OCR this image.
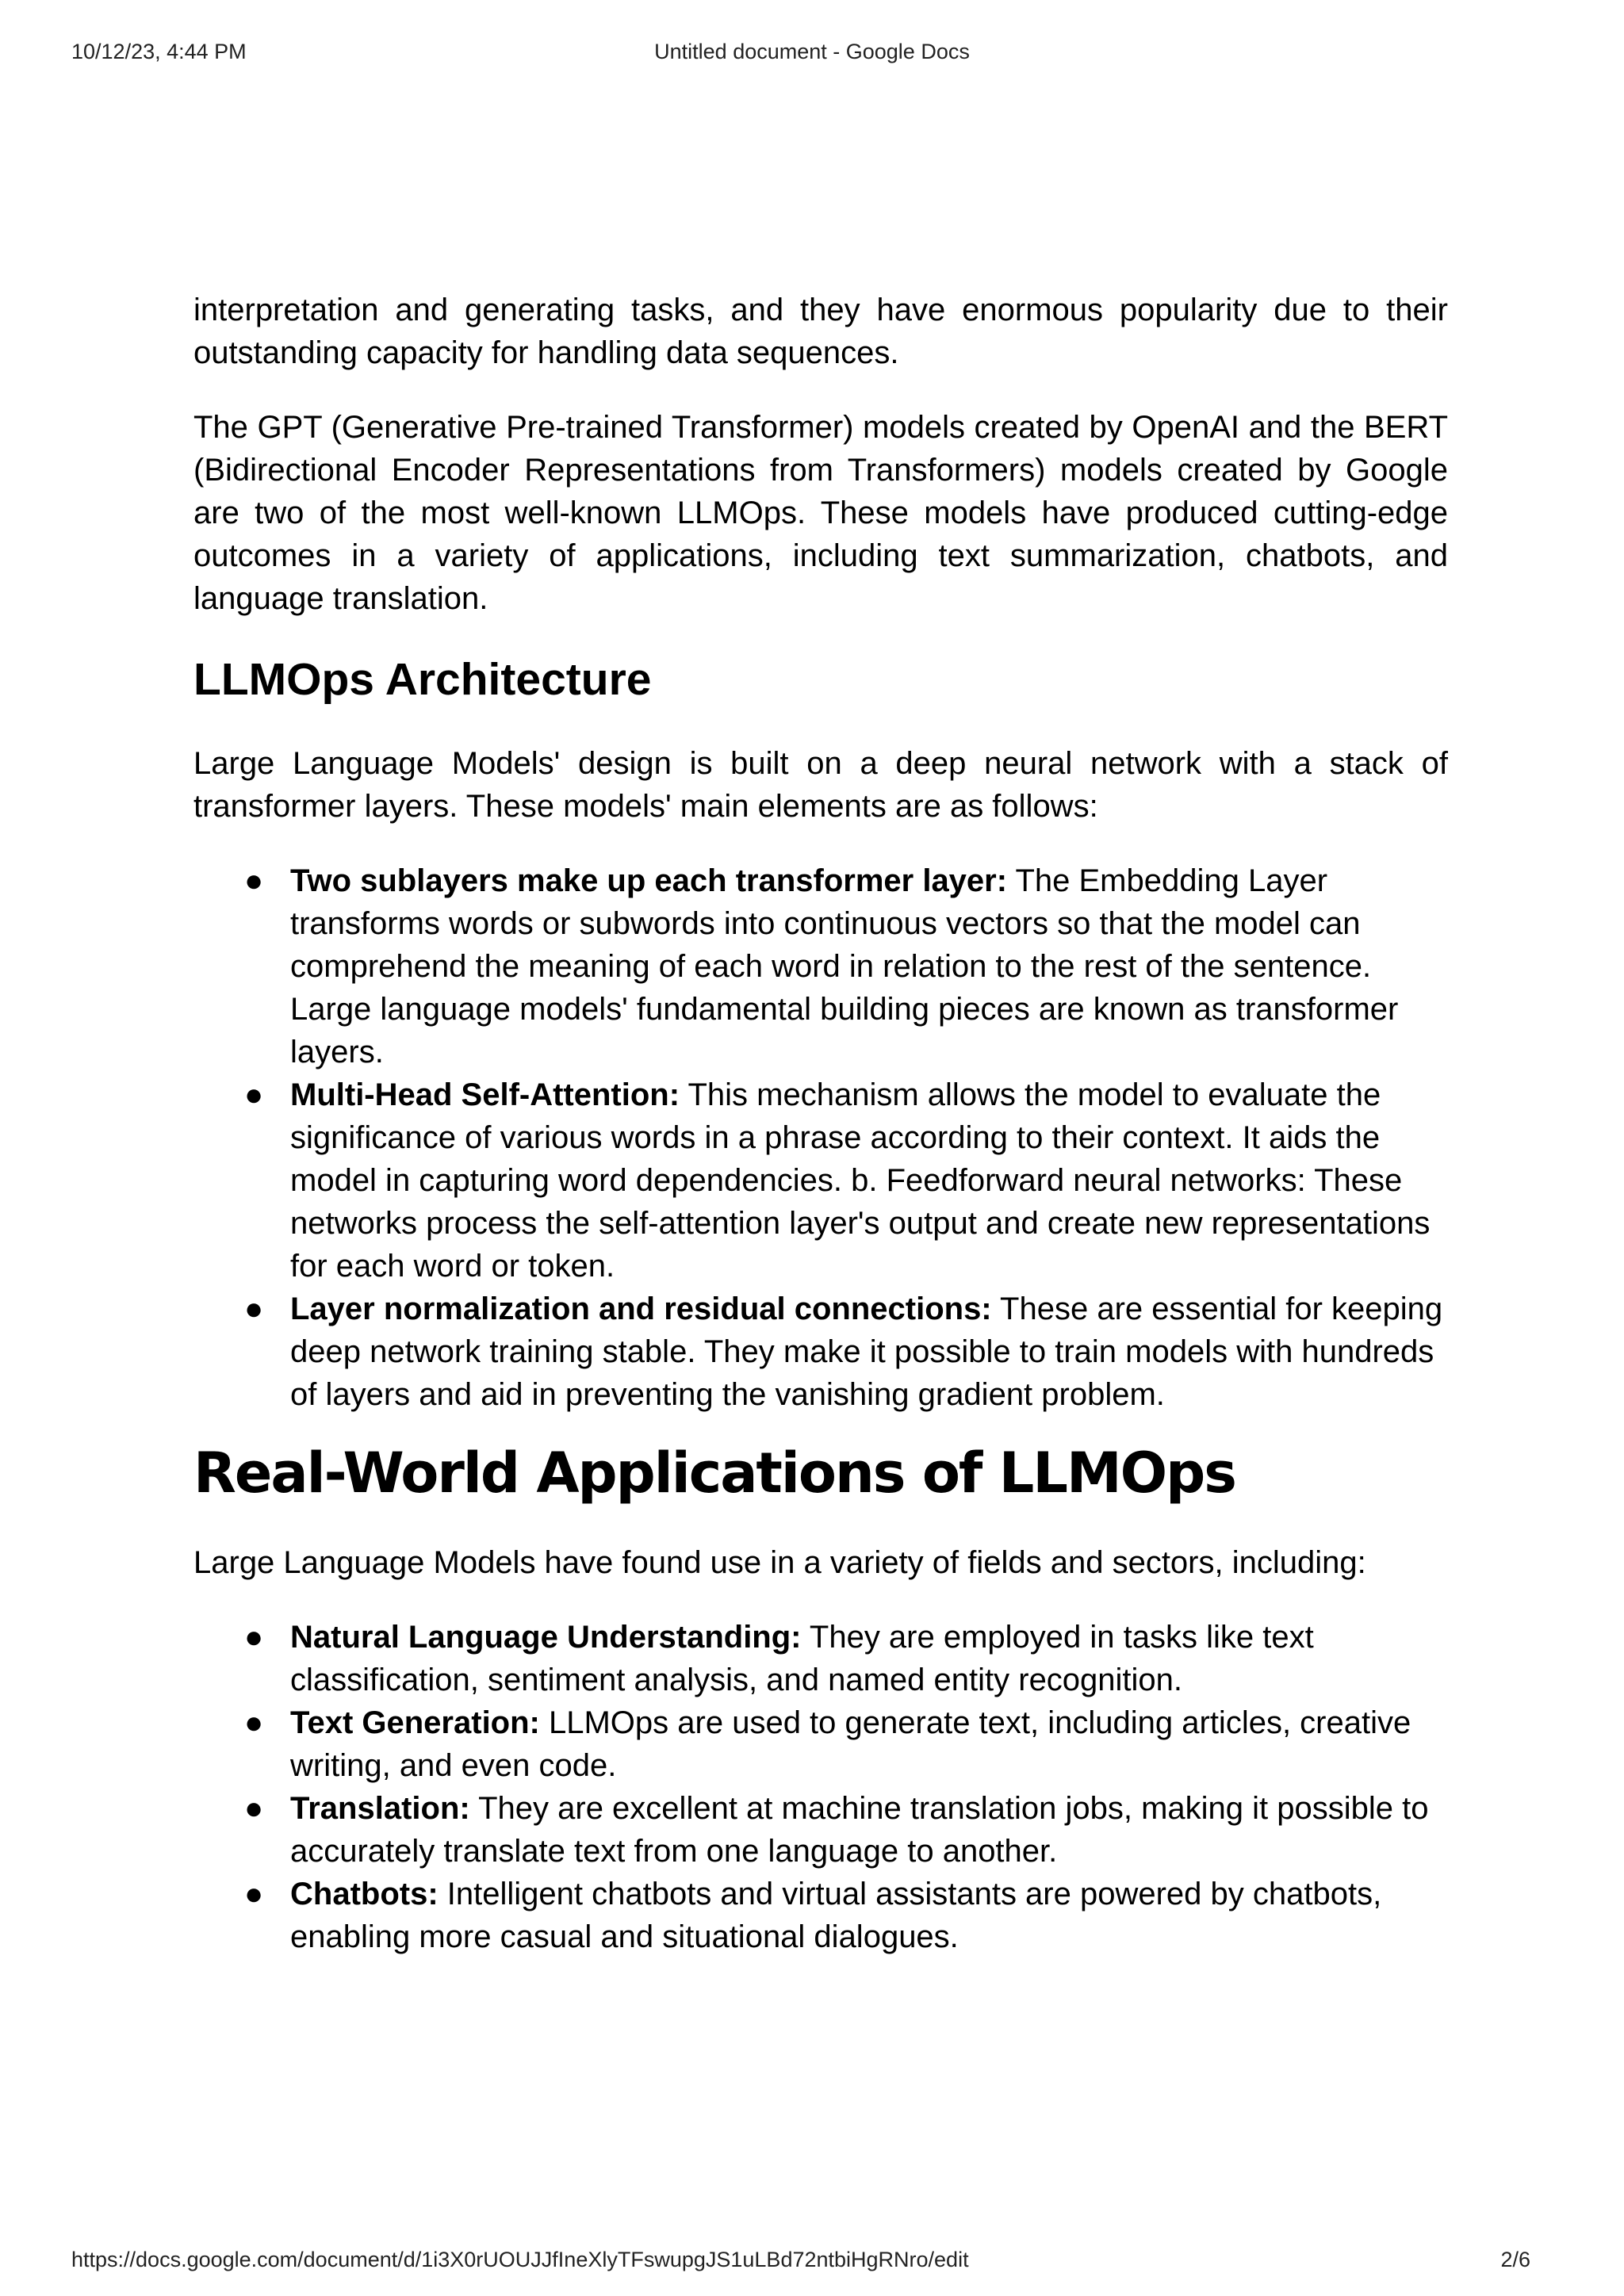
10/12/23, 4:44 PM	Untitled document - Google Docs

interpretation and generating tasks, and they have enormous popularity due to their outstanding capacity for handling data sequences.

The GPT (Generative Pre-trained Transformer) models created by OpenAI and the BERT (Bidirectional Encoder Representations from Transformers) models created by Google are two of the most well-known LLMOps. These models have produced cutting-edge outcomes in a variety of applications, including text summarization, chatbots, and language translation.

LLMOps Architecture

Large Language Models' design is built on a deep neural network with a stack of transformer layers. These models' main elements are as follows:

● Two sublayers make up each transformer layer: The Embedding Layer transforms words or subwords into continuous vectors so that the model can comprehend the meaning of each word in relation to the rest of the sentence. Large language models' fundamental building pieces are known as transformer layers.
● Multi-Head Self-Attention: This mechanism allows the model to evaluate the significance of various words in a phrase according to their context. It aids the model in capturing word dependencies. b. Feedforward neural networks: These networks process the self-attention layer's output and create new representations for each word or token.
● Layer normalization and residual connections: These are essential for keeping deep network training stable. They make it possible to train models with hundreds of layers and aid in preventing the vanishing gradient problem.
Real-World Applications of LLMOps

Large Language Models have found use in a variety of fields and sectors, including:

● Natural Language Understanding: They are employed in tasks like text classification, sentiment analysis, and named entity recognition.
● Text Generation: LLMOps are used to generate text, including articles, creative writing, and even code.
● Translation: They are excellent at machine translation jobs, making it possible to accurately translate text from one language to another.
● Chatbots: Intelligent chatbots and virtual assistants are powered by chatbots, enabling more casual and situational dialogues.
https://docs.google.com/document/d/1i3X0rUOUJJfIneXlyTFswupgJS1uLBd72ntbiHgRNro/edit	2/6
